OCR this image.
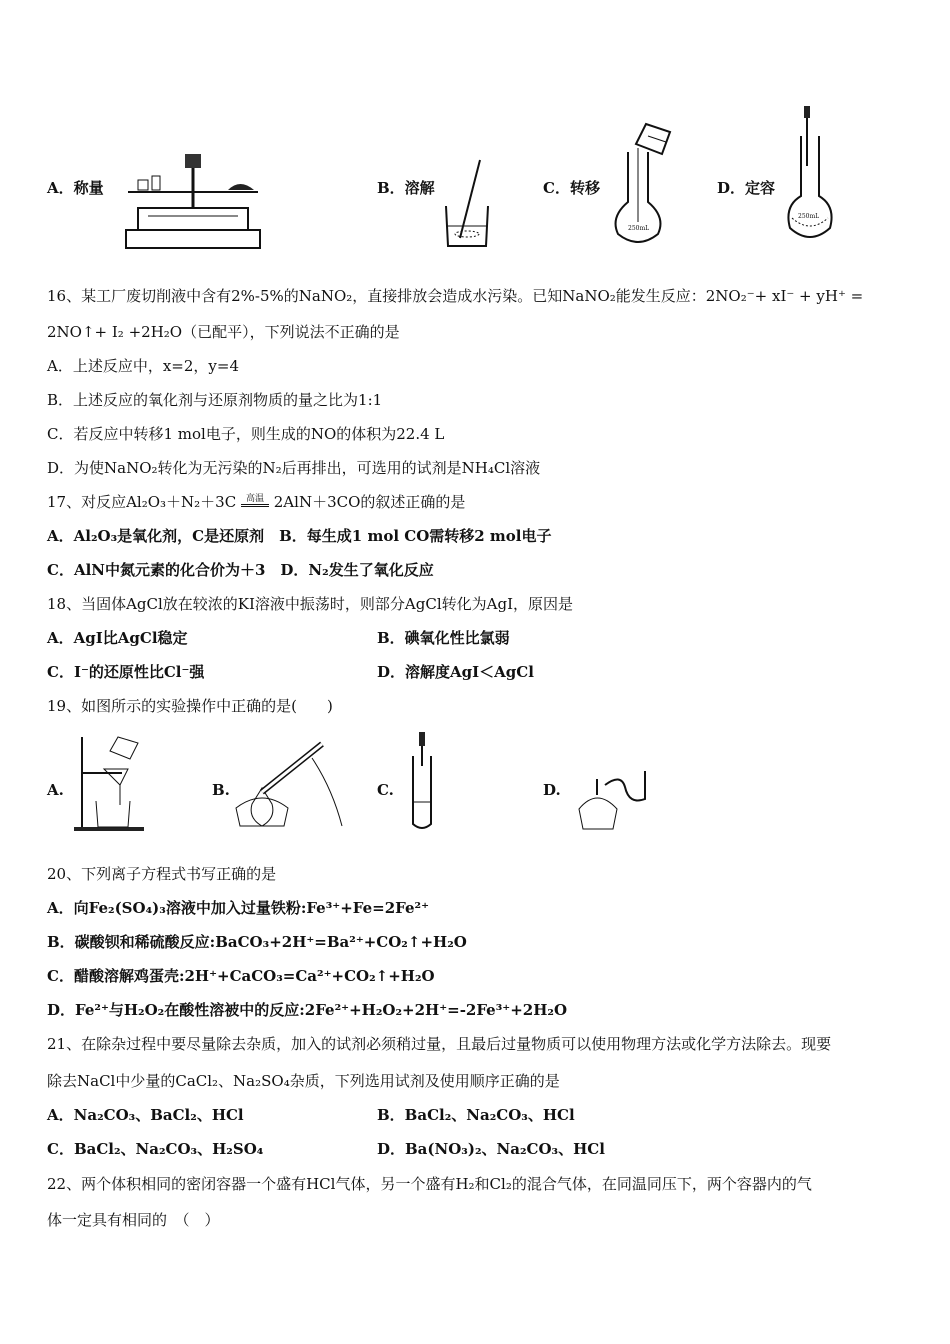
A．称量	B．溶解	C．转移
250mL
D．定容
250mL
16、某工厂废切削液中含有2%-5%的NaNO₂，直接排放会造成水污染。已知NaNO₂能发生反应：2NO₂⁻+ xI⁻ + yH⁺ =
2NO↑+ I₂ +2H₂O（已配平），下列说法不正确的是
A．上述反应中，x=2，y=4
B．上述反应的氧化剂与还原剂物质的量之比为1:1
C．若反应中转移1 mol电子，则生成的NO的体积为22.4 L
D．为使NaNO₂转化为无污染的N₂后再排出，可选用的试剂是NH₄Cl溶液
17、对反应Al₂O₃＋N₂＋3C 高温 2AlN＋3CO的叙述正确的是
A．Al₂O₃是氧化剂，C是还原剂　B．每生成1 mol CO需转移2 mol电子
C．AlN中氮元素的化合价为＋3　D．N₂发生了氧化反应
18、当固体AgCl放在较浓的KI溶液中振荡时，则部分AgCl转化为AgI，原因是
A．AgI比AgCl稳定	B．碘氧化性比氯弱
C．I⁻的还原性比Cl⁻强	D．溶解度AgI＜AgCl
19、如图所示的实验操作中正确的是(　　)
A.	B.	C.	D.
20、下列离子方程式书写正确的是
A．向Fe₂(SO₄)₃溶液中加入过量铁粉:Fe³⁺+Fe=2Fe²⁺
B．碳酸钡和稀硫酸反应:BaCO₃+2H⁺=Ba²⁺+CO₂↑+H₂O
C．醋酸溶解鸡蛋壳:2H⁺+CaCO₃=Ca²⁺+CO₂↑+H₂O
D．Fe²⁺与H₂O₂在酸性溶被中的反应:2Fe²⁺+H₂O₂+2H⁺=-2Fe³⁺+2H₂O
21、在除杂过程中要尽量除去杂质，加入的试剂必须稍过量，且最后过量物质可以使用物理方法或化学方法除去。现要
除去NaCl中少量的CaCl₂、Na₂SO₄杂质，下列选用试剂及使用顺序正确的是
A．Na₂CO₃、BaCl₂、HCl	B．BaCl₂、Na₂CO₃、HCl
C．BaCl₂、Na₂CO₃、H₂SO₄	D．Ba(NO₃)₂、Na₂CO₃、HCl
22、两个体积相同的密闭容器一个盛有HCl气体，另一个盛有H₂和Cl₂的混合气体，在同温同压下，两个容器内的气
体一定具有相同的　（　）
